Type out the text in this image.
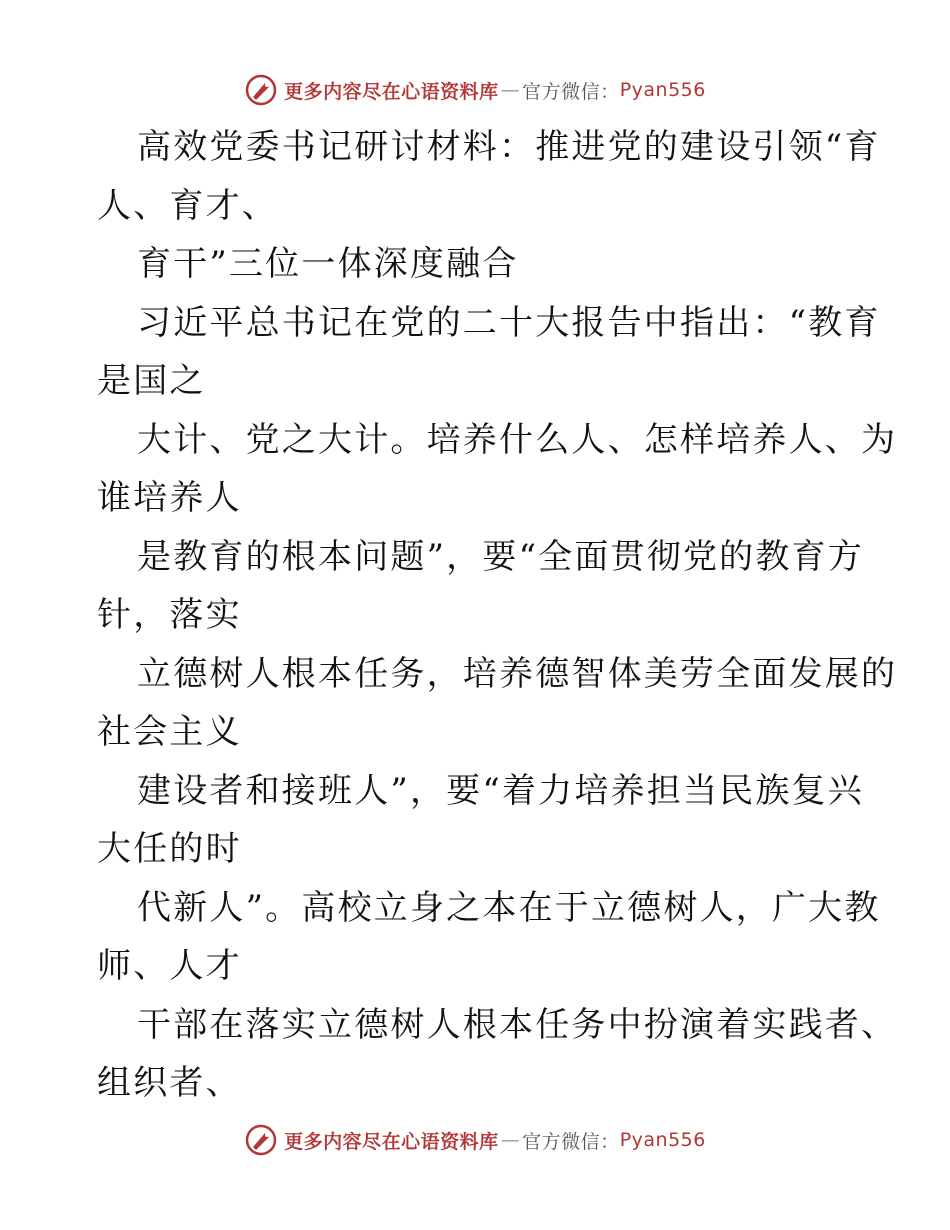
更多内容尽在心语资料库 — 官方微信： Pyan556
高效党委书记研讨材料：推进党的建设引领“育
人、育才、
育干”三位一体深度融合
习近平总书记在党的二十大报告中指出：“教育
是国之
大计、党之大计。培养什么人、怎样培养人、为
谁培养人
是教育的根本问题”，要“全面贯彻党的教育方
针，落实
立德树人根本任务，培养德智体美劳全面发展的
社会主义
建设者和接班人”，要“着力培养担当民族复兴
大任的时
代新人”。高校立身之本在于立德树人，广大教
师、人才
干部在落实立德树人根本任务中扮演着实践者、
组织者、
更多内容尽在心语资料库 — 官方微信： Pyan556
